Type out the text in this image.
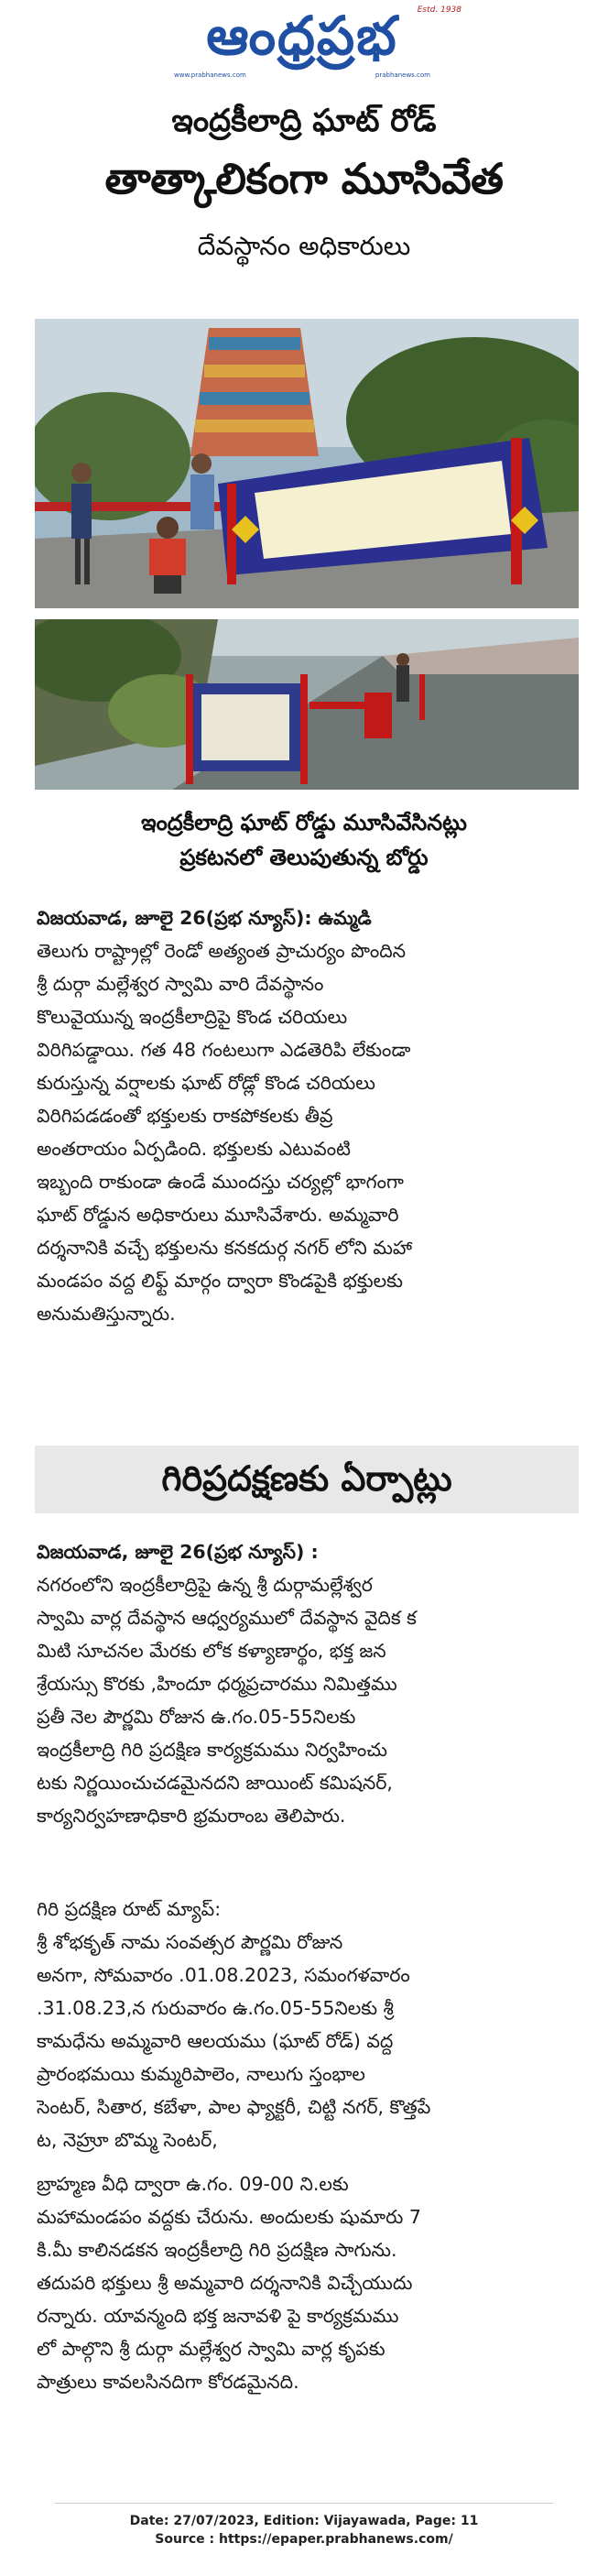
ఆంధ్రప్రభ	Estd. 1938
www.prabhanews.com	prabhanews.com
ఇంద్రకీలాద్రి ఘాట్ రోడ్
తాత్కాలికంగా మూసివేత
దేవస్థానం అధికారులు
ఇంద్రకీలాద్రి ఘాట్ రోడ్డు మూసివేసినట్లు
ప్రకటనలో తెలుపుతున్న బోర్డు
విజయవాడ, జూలై 26(ప్రభ న్యూస్): ఉమ్మడి
తెలుగు రాష్ట్రాల్లో రెండో అత్యంత ప్రాచుర్యం పొందిన
శ్రీ దుర్గా మల్లేశ్వర స్వామి వారి దేవస్థానం
కొలువైయున్న ఇంద్రకీలాద్రిపై కొండ చరియలు
విరిగిపడ్డాయి. గత 48 గంటలుగా ఎడతెరిపి లేకుండా
కురుస్తున్న వర్షాలకు ఘాట్ రోడ్లో కొండ చరియలు
విరిగిపడడంతో భక్తులకు రాకపోకలకు తీవ్ర
అంతరాయం ఏర్పడింది. భక్తులకు ఎటువంటి
ఇబ్బంది రాకుండా ఉండే ముందస్తు చర్యల్లో భాగంగా
ఘాట్ రోడ్డున అధికారులు మూసివేశారు. అమ్మవారి
దర్శనానికి వచ్చే భక్తులను కనకదుర్గ నగర్ లోని మహా
మండపం వద్ద లిఫ్ట్ మార్గం ద్వారా కొండపైకి భక్తులకు
అనుమతిస్తున్నారు.
గిరిప్రదక్షణకు ఏర్పాట్లు
విజయవాడ, జూలై 26(ప్రభ న్యూస్) :
నగరంలోని ఇంద్రకీలాద్రిపై ఉన్న శ్రీ దుర్గామల్లేశ్వర
స్వామి వార్ల దేవస్థాన ఆధ్వర్యములో దేవస్థాన వైదిక క
మిటి సూచనల మేరకు లోక కళ్యాణార్థం, భక్త జన
శ్రేయస్సు కొరకు ,హిందూ ధర్మప్రచారము నిమిత్తము
ప్రతీ నెల పౌర్ణమి రోజున ఉ.గం.05-55నిలకు
ఇంద్రకీలాద్రి గిరి ప్రదక్షిణ కార్యక్రమము నిర్వహించు
టకు నిర్ణయించుచడమైనదని జాయింట్ కమిషనర్,
కార్యనిర్వహణాధికారి భ్రమరాంబ తెలిపారు.
గిరి ప్రదక్షిణ రూట్ మ్యాప్:
శ్రీ శోభకృత్ నామ సంవత్సర పౌర్ణమి రోజున
అనగా, సోమవారం .01.08.2023, సమంగళవారం
.31.08.23,న గురువారం ఉ.గం.05-55నిలకు శ్రీ
కామధేను అమ్మవారి ఆలయము (ఘాట్ రోడ్) వద్ద
ప్రారంభమయి కుమ్మరిపాలెం, నాలుగు స్తంభాల
సెంటర్, సితార, కబేళా, పాల ఫ్యాక్టరీ, చిట్టి నగర్, కొత్తపే
ట, నెహ్రూ బొమ్మ సెంటర్,
బ్రాహ్మణ వీధి ద్వారా ఉ.గం. 09-00 ని.లకు
మహామండపం వద్దకు చేరును. అందులకు షుమారు 7
కి.మీ కాలినడకన ఇంద్రకీలాద్రి గిరి ప్రదక్షిణ సాగును.
తదుపరి భక్తులు శ్రీ అమ్మవారి దర్శనానికి విచ్చేయుదు
రన్నారు. యావన్మంది భక్త జనావళి పై కార్యక్రమము
లో పాల్గొని శ్రీ దుర్గా మల్లేశ్వర స్వామి వార్ల కృపకు
పాత్రులు కావలసినదిగా కోరడమైనది.
Date: 27/07/2023, Edition: Vijayawada, Page: 11
Source : https://epaper.prabhanews.com/
